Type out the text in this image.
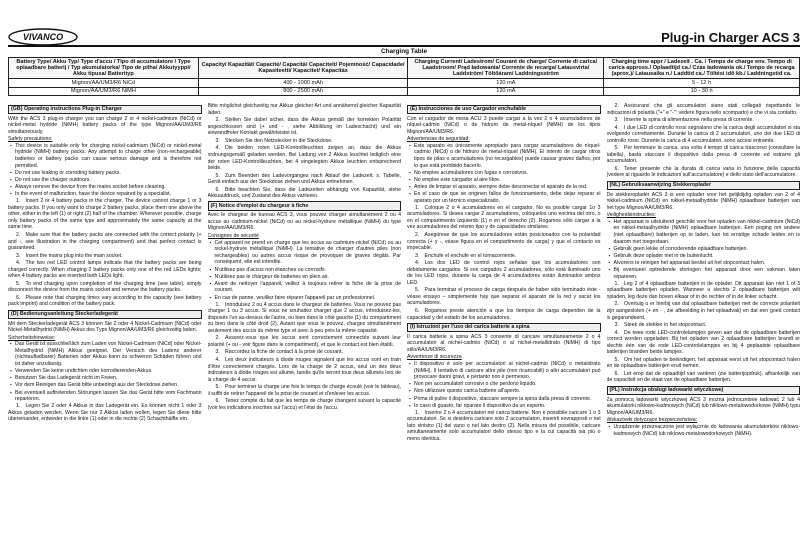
VIVANCO	Plug-in Charger ACS 3
Charging Table
Battery Type/ Akku Typ/ Type d'accu / Tipo di accumulatore / Type oplaadbare batterij / Typ akumulatorka/ Tipo de pilha/ Akkutyyppi/ Akku tipusa/ Batterityp	Capacity/ Kapazität/ Capacité/ Capacità/ Capaciteit/ Pojemność/ Capacidade/ Kapasiteetti/ Kapacitet/ Kapacitás	Charging Current/ Ladestrom/ Courant de charge/ Corrente di carica/ Laadstroom/ Prąd ładowania/ Corrente de recarga/ Latausvirta/ Laddström/ Töltőáram/ Laddningsström	Charging time appr / Ladezeit . Ca. / Temps de charge env. Tempo di carica appross./ Oplaadtijd ca./ Czas ładowania ok./ Tempo de recarga (aprox.)/ Latausaika n./ Laddtid ca./ Töltési idő kb./ Laddningstid ca.
Mignon/AA/UM3/R6 NiCd	400 - 1000 mAh	120 mA	5 - 12 h
Mignon/AA/UM3/R6 NiMH	800 - 2500 mAh	120 mA	10 - 30 h
(GB) Operating instructions Plug-in Charger
With the ACS 3 plug-in charger you can charge 2 or 4 nickel-cadmium (NiCd) or nickel-metal hydride (NiMH) battery packs of the type Mignon/AA/UM3/R6 simultaneously.
Safety precautions:
▪ This device is suitable only for charging nickel-cadmium (NiCd) or nickel-metal hydride (NiMH) battery packs. Any attempt to charge other (non-rechargeable) batteries or battery packs can cause serious damage and is therefore not permitted.
▪ Do not use leaking or corroding battery packs.
▪ Do not use the charger outdoors.
▪ Always remove the device from the mains socket before cleaning.
▪ In the event of malfunction, have the device repaired by a specialist.
1. Insert 2 or 4 battery packs in the charger. The device cannot charge 1 or 3 battery packs. If you only want to charge 2 battery packs, place them one above the other, either in the left (1) or right (2) half of the chamber. Wherever possible, charge only battery packs of the same type and approximately the same capacity at the same time.
2. Make sure that the battery packs are connected with the correct polarity (+ and -, see illustration in the charging compartment) and that perfect contact is guaranteed.
3. Insert the mains plug into the main socket.
4. The two red LED control lamps indicate that the battery packs are being charged correctly. When charging 2 battery packs only one of the red LEDs lights; when 4 battery packs are inserted both LEDs light.
5. To end charging upon completion of the charging time (see table), simply disconnect the device from the mains socket and remove the battery packs.
6. Please note that charging times vary according to the capacity (see battery pack imprint) and condition of the battery pack.
(D) Bedienungsanleitung Steckerladegerät
Mit dem Steckerladegerät ACS 3 können Sie 2 oder 4 Nickel-Cadmium (NiCd) oder Nickel-Metallhydrid (NiMH) Akkus des Typs Mignon/AA/UM3/R6 gleichzeitig laden.
Sicherheitshinweise:
▪ Das Gerät ist ausschließlich zum Laden von Nickel-Cadmium (NiCd) oder Nickel-Metallhydrid (NiMH) Akkus geeignet. Der Versuch des Ladens anderer (nichtaufladbarer) Batterien oder Akkus kann zu schweren Schäden führen und ist daher unzulässig.
▪ Verwenden Sie keine undichten oder korrodierenden Akkus.
▪ Benutzen Sie das Ladegerät nicht im Freien.
▪ Vor dem Reinigen das Gerät bitte unbedingt aus der Steckdose ziehen.
▪ Bei eventuell auftretenden Störungen lassen Sie das Gerät bitte vom Fachmann reparieren.
1. Legen Sie 2 oder 4 Akkus in das Ladegerät ein. Es können nicht 1 oder 3 Akkus geladen werden. Wenn Sie nur 2 Akkus laden wollen, legen Sie diese bitte übereinander, entweder in die linke (1) oder in die rechte (2) Schachthälfte ein.
Bitte möglichst gleichzeitig nur Akkus gleicher Art und annähernd gleicher Kapazität laden.
2. Stellen Sie dabei sicher, dass die Akkus gemäß der korrekten Polarität angeschlossen sind (+ und - , siehe Abbildung im Ladeschacht) und ein einwandfreier Kontakt gewährleistet ist.
3. Stecken Sie den Netzstecker in die Steckdose.
4. Die beiden roten LED-Kontrollleuchten zeigen an, dass die Akkus ordnungsgemäß geladen werden. Bei Ladung von 2 Akkus leuchtet lediglich eine der roten LED-Kontrollleuchten, bei 4 eingelegten Akkus leuchten entsprechend beide.
5. Zum Beenden des Ladevorganges nach Ablauf der Ladezeit, s. Tabelle, Gerät einfach aus der Steckdose ziehen und Akkus entnehmen.
6. Bitte beachten Sie, dass die Ladezeiten abhängig von Kapazität, siehe Akkuaufdruck, und Zustand des Akkus variieren.
(F) Notice d'emploi du chargeur à fiche
Avec le chargeur de bureau ACS 3, vous pouvez charger simultanément 2 ou 4 accus au cadmium-nickel (NiCd) ou au nickel-hydrure métallique (NiMH) du type Mignon/AA/UM3/R6.
Consignes de sécurité
▪ Cet appareil ne prend en charge que les accus au cadmium-nickel (NiCd) ou au nickel-hydrure métallique (NiMH). La tentative de charger d'autres piles (non rechargeables) ou autres accus risque de provoquer de graves dégâts. Par conséquent, elle est interdite.
▪ N'utilisez pas d'accus non étanches ou corrosifs.
▪ N'utilisez pas le chargeur de batteries en plein air.
▪ Avant de nettoyer l'appareil, veillez à toujours retirer la fiche de la prise de courant.
▪ En cas de panne, veuillez faire réparer l'appareil par un professionnel.
1. Introduisez 2 ou 4 accus dans le chargeur de batteries. Vous ne pouvez pas charger 1 ou 3 accus. Si vous ne souhaitez charger que 2 accus, introduisez-les, disposés l'un au-dessus de l'autre, ou bien dans le côté gauche (1) du compartiment ou bien dans le côté droit (2). Autant que vous le pouvez, chargez simultanément seulement des accus du même type et avec à peu près la même capacité.
2. Assurez-vous que les accus sont correctement connectés suivant leur polarité (+ ou - voir figure dans le compartiment), et que le contact est bien établi.
3. Raccordez la fiche de contact à la prise de courant.
4. Les deux indicateurs à diode rouges signalent que les accus sont en train d'être correctement chargés. Lors de la charge de 2 accus, seul un des deux indicateurs à diode rouges est allumé, tandis qu'ils seront tous deux allumés lors de la charge de 4 accus.
5. Pour terminer la charge une fois le temps de charge écoulé (voir le tableau), il suffit de retirer l'appareil de la prise de courant et d'enlever les accus.
6. Tenez compte du fait que les temps de charge changent suivant la capacité (voir les indications inscrites sur l'accu) et l'état de l'accu.
(E) Instrucciones de uso Cargador enchufable
Con el cargador de mesa ACU 3 puede cargar a la vez 2 o 4 acumuladores de níquel-cadmio (NiCd) o de hidruro de metal-níquel (NiMH) de los tipos Mignon/AA/UM3/R6.
Advertencias de seguridad:
▪ Este aparato es únicamente apropiado para cargar acumuladores de níquel-cadmio (NiCd) o de hidruro de metal-níquel (NiMH). El intento de cargar otros tipos de pilas o acumuladores (no recargables) puede causar graves daños, por lo que está prohibido hacerlo.
▪ No emplee acumuladores con fugas o corrosivos.
▪ No emplee este cargador al aire libre.
▪ Antes de limpiar el aparato, siempre debe desconectar el aparato de la red.
▪ En el caso de que se originen fallos de funcionamiento, debe dejar reparar el aparato por un técnico especializado.
1. Coloque 2 o 4 acumuladores en el cargador. No es posible cargar 1o 3 acumuladores. Si desea cargar 2 acumuladores, colóquelos uno encima del otro, o en el compartimento izquierdo (1) o en el derecho (2). Rogamos sólo cargar a la vez acumuladores del mismo tipo y de capacidades similares.
2. Asegúrese de que los acumuladores están posicionados con la polaridad correcta (+ y -, véase figura en el compartimento de carga) y que el contacto es impecable.
3. Enchufe el enchufe en el tomacorriente.
4. Los dos LED de control rojos señalan que los acumuladores son debidamente cargados. Si son cargados 2 acumuladores, sólo está iluminado uno de los LED rojos, durante la carga de 4 acumuladores están iluminados ambos LED.
5. Para terminar el proceso de carga después de haber sido terminado éste - véase ensayo – simplemente hay que separar el aparato de la red y sacar los acumuladores.
6. Rogamos preste atención a que los tiempos de carga dependen de la capacidad y del estado de los acumuladores.
(I) Istruzioni per l'uso del carica batterie a spina
Il carica batterie a spina ACS 3 consente di caricare simultaneamente 2 o 4 accumulatori al nichel-cadmio (NiCd) o al nichel-metallidrato (NiMH) di tipo stilo/AA/UM3/R6.
Avvertenze di sicurezza
▪ Il dispositivo è solo per accumulatori al nichel-cadmio (NiCd) o metalidrato (NiMH). Il tentativo di caricare altre pile (non ricaricabili) o altri accumulatori può provocare danni gravi, e pertanto non è permesso.
▪ Non per accumulatori corrosivi o che perdono liquido.
▪ Non utilizzare questo carica batterie all'aperto.
▪ Prima di pulire il dispositivo, staccare sempre la spina dalla presa di corrente.
▪ In caso di guasto, far riparare il dispositivo da un esperto.
1. Inserire 2 o 4 accumulatori nel carica batterie. Non è possibile caricare 1 o 3 accumulatori. Se si desidera caricare solo 2 accumulatori, inserirli sovrapposti o nel lato sinistro (1) del vano o nel lato destro (2). Nella misura del possibile, caricare simultaneamente solo accumulatori dello stesso tipo e la cui capacità sia più o meno identica.
2. Assicurarsi che gli accumulatori siano stati collegati rispettando le indicazioni di polarità ("+" e "-": vedere figura nello scomparto) e che vi sia contatto.
3. Inserire la spina di alimentazione nella presa di corrente.
4. I due LED di controllo rossi segnalano che la carica degli accumulatori si sta svolgendo correttamente. Durante la carica di 2 accumulatori, uno dei due LED di controllo rossi. Durante la carica di 4 accumulatori, sono accesi entrambi.
5. Per terminare la carica, una volta il tempo di carica trascorso (consultare la tabella), basta staccare il dispositivo dalla presa di corrente ed estrarre gli accumulatori.
6. Tener presente che la durata di carica varia in funzione della capacità (vedere al riguardo le indicazioni sull'accumulatore) e dello stato dell'accumulatore.
(NL) Gebruiksaanwijzing Stekkeroplader
De stekkeroplader ACS 3 is een oplader voor het gelijktijdig opladen van 2 of 4 nikkel-cadmium (NiCd) en nikkel-metaalhydride (NiMH) oplaadbare batterijen van het type Mignon/AA/UM3/R6.
Veiligheidsinstructies:
▪ Het apparaat is uitsluitend geschikt voor het opladen van nikkel-cadmium (NiCd) en nikkel-metaalhydride (NiMH) oplaadbare batterijen. Een poging om andere (niet oplaadbare) batterijen op te laden, kan tot ernstige schade leiden en is daarom niet toegestaan.
▪ Gebruik geen lekke of corroderende oplaadbare batterijen.
▪ Gebruik deze oplader niet in de buitenlucht.
▪ Alvorens te reinigen het apparaat beslist uit het stopcontact halen.
▪ Bij eventueel optredende storingen het apparaat door een vakman laten repareren.
1. Leg 2 of 4 oplaadbare batterijen in de oplader. Dit apparaat kan niet 1 of 3 oplaadbare batterijen opladen. Wanneer u slechts 2 oplaadbare batterijen wilt opladen, leg deze dan boven elkaar of in de rechter of in de linker schacht.
2. Overtuig u er hierbij van dat oplaadbare batterijen met de correcte polariteit zijn aangesloten (+ en - , zie afbeelding in het oplaadvak) en dat een goed contact is gegarandeerd.
3. Steek de stekker in het stopcontact.
4. De twee rode LED-controlelampjes geven aan dat de oplaadbare batterijen correct worden opgeladen. Bij het opladen van 2 oplaadbare batterijen brandt er slechts één van de rode LED-controlelampjes en bij 4 geplaatste oplaadbare batterijen branden beide lampjes.
5. Om het opladen te beëindigen, het apparaat eerst uit het stopcontact halen en de oplaadbare batterijen eruit nemen.
6. Let erop dat de oplaadtijd van variëren (zie batterijopdruk), afhankelijk van de capaciteit en de staat van de oplaadbare batterijen.
(PL) Instrukcja obsługi ładowarki wtyczkowej
Za pomocą ładowarki wtyczkowej ACS 3 można jednocześnie ładować 2 lub 4 akumulatorki niklowo-kadmowych (NiCd) lub niklowo-metalowodorkowe (NiMH) typu Mignon/AA/UM3/R6.
Wskazówki dotyczące bezpieczeństwa:
▪ Urządzenie przeznaczone jest wyłącznie do ładowania akumulatorków niklowo-kadmowych (NiCd) lub niklowo-metalowodorkowych (NiMH).
